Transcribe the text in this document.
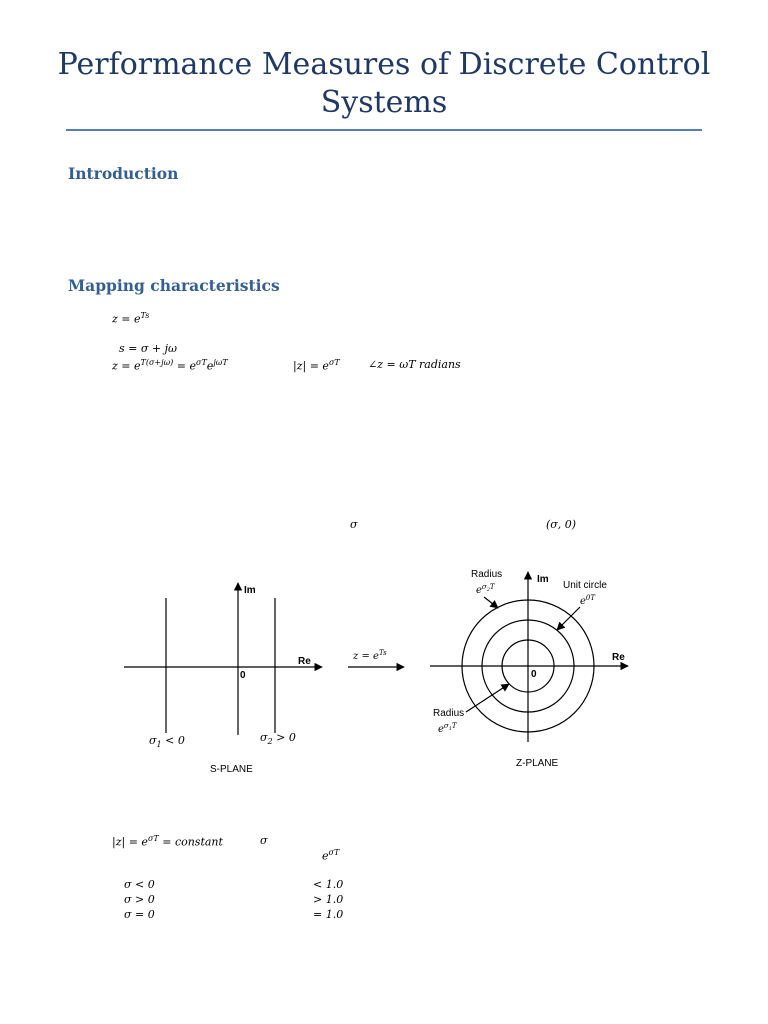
Performance Measures of Discrete Control
Systems
Introduction
Mapping characteristics
$z = e^{Ts}$
s = σ + jω
$z = e^{T(\sigma+j\omega)} = e^{\sigma T}e^{j\omega T}$	$|z| = e^{\sigma T}$	∠z = ωT radians
σ	(σ, 0)
Im
Re
0
$\sigma_1 < 0$	$\sigma_2 > 0$
S-PLANE
$z = e^{Ts}$
Im
Re
0
Radius
$e^\sigma_2^T$	Unit circle
$e^{0T}$
Radius
$e^\sigma_1^T$
Z-PLANE
$|z| = e^{\sigma T}$ = constant	σ
$e^{\sigma T}$
σ < 0	< 1.0
σ > 0	> 1.0
σ = 0	= 1.0
